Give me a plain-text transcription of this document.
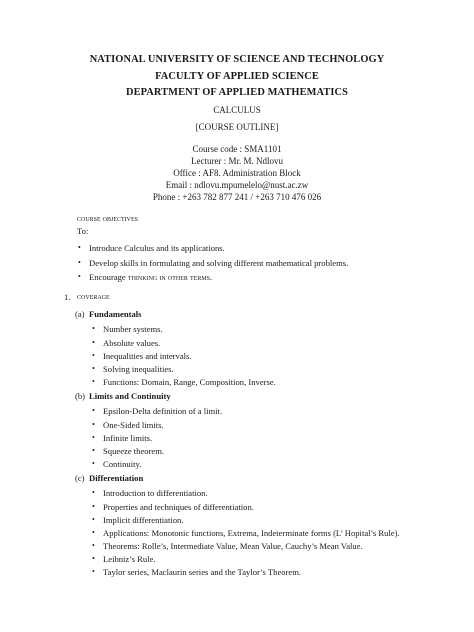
NATIONAL UNIVERSITY OF SCIENCE AND TECHNOLOGY
FACULTY OF APPLIED SCIENCE
DEPARTMENT OF APPLIED MATHEMATICS
CALCULUS
[COURSE OUTLINE]
Course code : SMA1101
Lecturer : Mr. M. Ndlovu
Office : AF8. Administration Block
Email : ndlovu.mpumelelo@nust.ac.zw
Phone : +263 782 877 241 / +263 710 476 026
course objectives
To:
• Introduce Calculus and its applications.
• Develop skills in formulating and solving different mathematical problems.
• Encourage thinking in other terms.
1. coverage
(a) Fundamentals
• Number systems.
• Absolute values.
• Inequalities and intervals.
• Solving inequalities.
• Functions: Domain, Range, Composition, Inverse.
(b) Limits and Continuity
• Epsilon-Delta definition of a limit.
• One-Sided limits.
• Infinite limits.
• Squeeze theorem.
• Continuity.
(c) Differentiation
• Introduction to differentiation.
• Properties and techniques of differentiation.
• Implicit differentiation.
• Applications: Monotonic functions, Extrema, Indeterminate forms (L’ Hopital’s Rule).
• Theorems: Rolle’s, Intermediate Value, Mean Value, Cauchy’s Mean Value.
• Leibniz’s Rule.
• Taylor series, Maclaurin series and the Taylor’s Theorem.
